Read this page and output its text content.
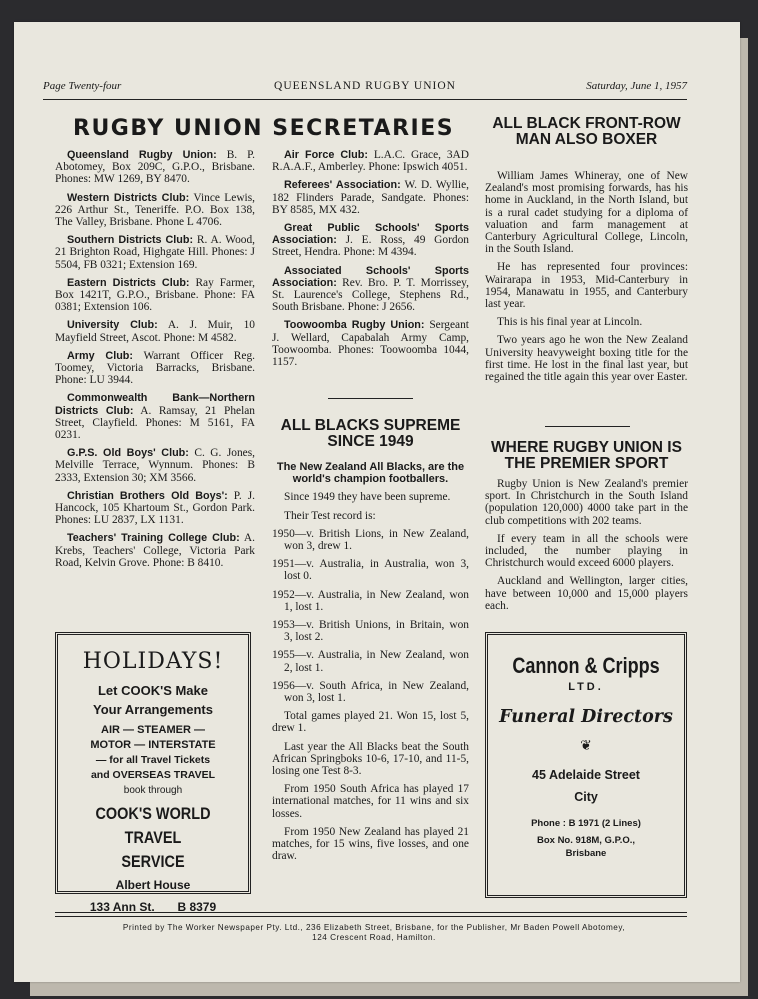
Page Twenty-four	QUEENSLAND RUGBY UNION	Saturday, June 1, 1957
RUGBY UNION SECRETARIES

Queensland Rugby Union: B. P. Abotomey, Box 209C, G.P.O., Brisbane. Phones: MW 1269, BY 8470.

Western Districts Club: Vince Lewis, 226 Arthur St., Teneriffe. P.O. Box 138, The Valley, Brisbane. Phone L 4706.

Southern Districts Club: R. A. Wood, 21 Brighton Road, Highgate Hill. Phones: J 5504, FB 0321; Extension 169.

Eastern Districts Club: Ray Farmer, Box 1421T, G.P.O., Brisbane. Phone: FA 0381; Extension 106.

University Club: A. J. Muir, 10 Mayfield Street, Ascot. Phone: M 4582.

Army Club: Warrant Officer Reg. Toomey, Victoria Barracks, Brisbane. Phone: LU 3944.

Commonwealth Bank—Northern Districts Club: A. Ramsay, 21 Phelan Street, Clayfield. Phones: M 5161, FA 0231.

G.P.S. Old Boys' Club: C. G. Jones, Melville Terrace, Wynnum. Phones: B 2333, Extension 30; XM 3566.

Christian Brothers Old Boys': P. J. Hancock, 105 Khartoum St., Gordon Park. Phones: LU 2837, LX 1131.

Teachers' Training College Club: A. Krebs, Teachers' College, Victoria Park Road, Kelvin Grove. Phone: B 8410.

Air Force Club: L.A.C. Grace, 3AD R.A.A.F., Amberley. Phone: Ipswich 4051.

Referees' Association: W. D. Wyllie, 182 Flinders Parade, Sandgate. Phones: BY 8585, MX 432.

Great Public Schools' Sports Association: J. E. Ross, 49 Gordon Street, Hendra. Phone: M 4394.

Associated Schools' Sports Association: Rev. Bro. P. T. Morrissey, St. Laurence's College, Stephens Rd., South Brisbane. Phone: J 2656.

Toowoomba Rugby Union: Sergeant J. Wellard, Capabalah Army Camp, Toowoomba. Phones: Toowoomba 1044, 1157.

ALL BLACKS SUPREME SINCE 1949

The New Zealand All Blacks, are the world's champion footballers.

Since 1949 they have been supreme.

Their Test record is:

1950—v. British Lions, in New Zealand, won 3, drew 1.

1951—v. Australia, in Australia, won 3, lost 0.

1952—v. Australia, in New Zealand, won 1, lost 1.

1953—v. British Unions, in Britain, won 3, lost 2.

1955—v. Australia, in New Zealand, won 2, lost 1.

1956—v. South Africa, in New Zealand, won 3, lost 1.

Total games played 21. Won 15, lost 5, drew 1.

Last year the All Blacks beat the South African Springboks 10-6, 17-10, and 11-5, losing one Test 8-3.

From 1950 South Africa has played 17 international matches, for 11 wins and six losses.

From 1950 New Zealand has played 21 matches, for 15 wins, five losses, and one draw.

ALL BLACK FRONT-ROW MAN ALSO BOXER

William James Whineray, one of New Zealand's most promising forwards, has his home in Auckland, in the North Island, but is a rural cadet studying for a diploma of valuation and farm management at Canterbury Agricultural College, Lincoln, in the South Island.

He has represented four provinces: Wairarapa in 1953, Mid-Canterbury in 1954, Manawatu in 1955, and Canterbury last year.

This is his final year at Lincoln.

Two years ago he won the New Zealand University heavyweight boxing title for the first time. He lost in the final last year, but regained the title again this year over Easter.

WHERE RUGBY UNION IS THE PREMIER SPORT

Rugby Union is New Zealand's premier sport. In Christchurch in the South Island (population 120,000) 4000 take part in the club competitions with 202 teams.

If every team in all the schools were included, the number playing in Christchurch would exceed 6000 players.

Auckland and Wellington, larger cities, have between 10,000 and 15,000 players each.

HOLIDAYS!
Let COOK'S Make
Your Arrangements
AIR — STEAMER —
MOTOR — INTERSTATE
— for all Travel Tickets
and OVERSEAS TRAVEL
book through
COOK'S WORLD TRAVEL
SERVICE
Albert House
133 Ann St. B 8379
Cannon & Cripps
LTD.
Funeral Directors
❦
45 Adelaide Street
City
Phone : B 1971 (2 Lines)
Box No. 918M, G.P.O.,
Brisbane
Printed by The Worker Newspaper Pty. Ltd., 236 Elizabeth Street, Brisbane, for the Publisher, Mr Baden Powell Abotomey,
124 Crescent Road, Hamilton.
